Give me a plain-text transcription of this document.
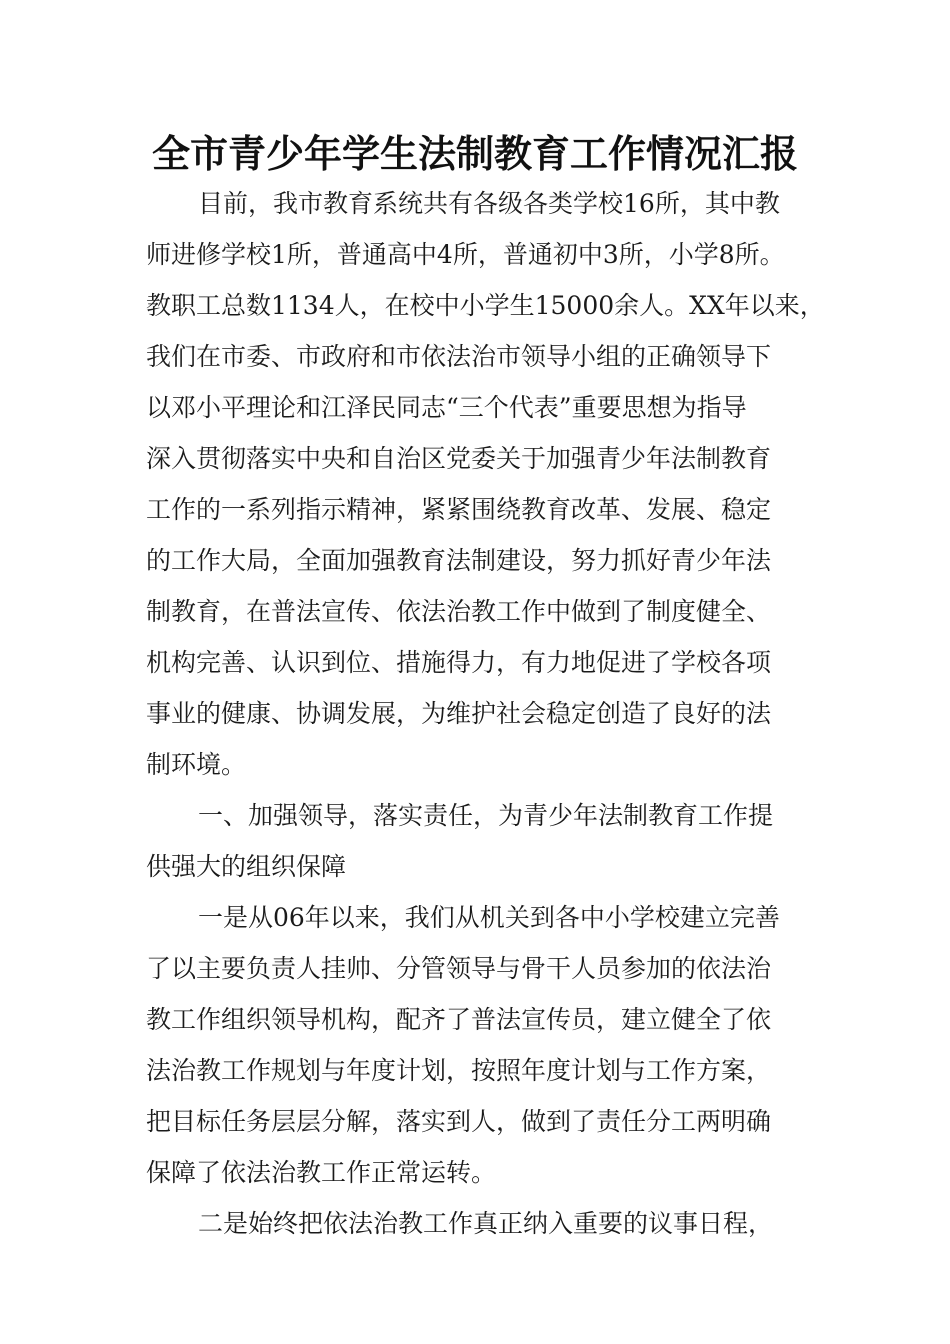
全市青少年学生法制教育工作情况汇报
目前，我市教育系统共有各级各类学校16所，其中教
师进修学校1所，普通高中4所，普通初中3所，小学8所。
教职工总数1134人，在校中小学生15000余人。XX年以来，
我们在市委、市政府和市依法治市领导小组的正确领导下
以邓小平理论和江泽民同志“三个代表”重要思想为指导
深入贯彻落实中央和自治区党委关于加强青少年法制教育
工作的一系列指示精神，紧紧围绕教育改革、发展、稳定
的工作大局，全面加强教育法制建设，努力抓好青少年法
制教育，在普法宣传、依法治教工作中做到了制度健全、
机构完善、认识到位、措施得力，有力地促进了学校各项
事业的健康、协调发展，为维护社会稳定创造了良好的法
制环境。
一、加强领导，落实责任，为青少年法制教育工作提
供强大的组织保障
一是从06年以来，我们从机关到各中小学校建立完善
了以主要负责人挂帅、分管领导与骨干人员参加的依法治
教工作组织领导机构，配齐了普法宣传员，建立健全了依
法治教工作规划与年度计划，按照年度计划与工作方案，
把目标任务层层分解，落实到人，做到了责任分工两明确
保障了依法治教工作正常运转。
二是始终把依法治教工作真正纳入重要的议事日程，
